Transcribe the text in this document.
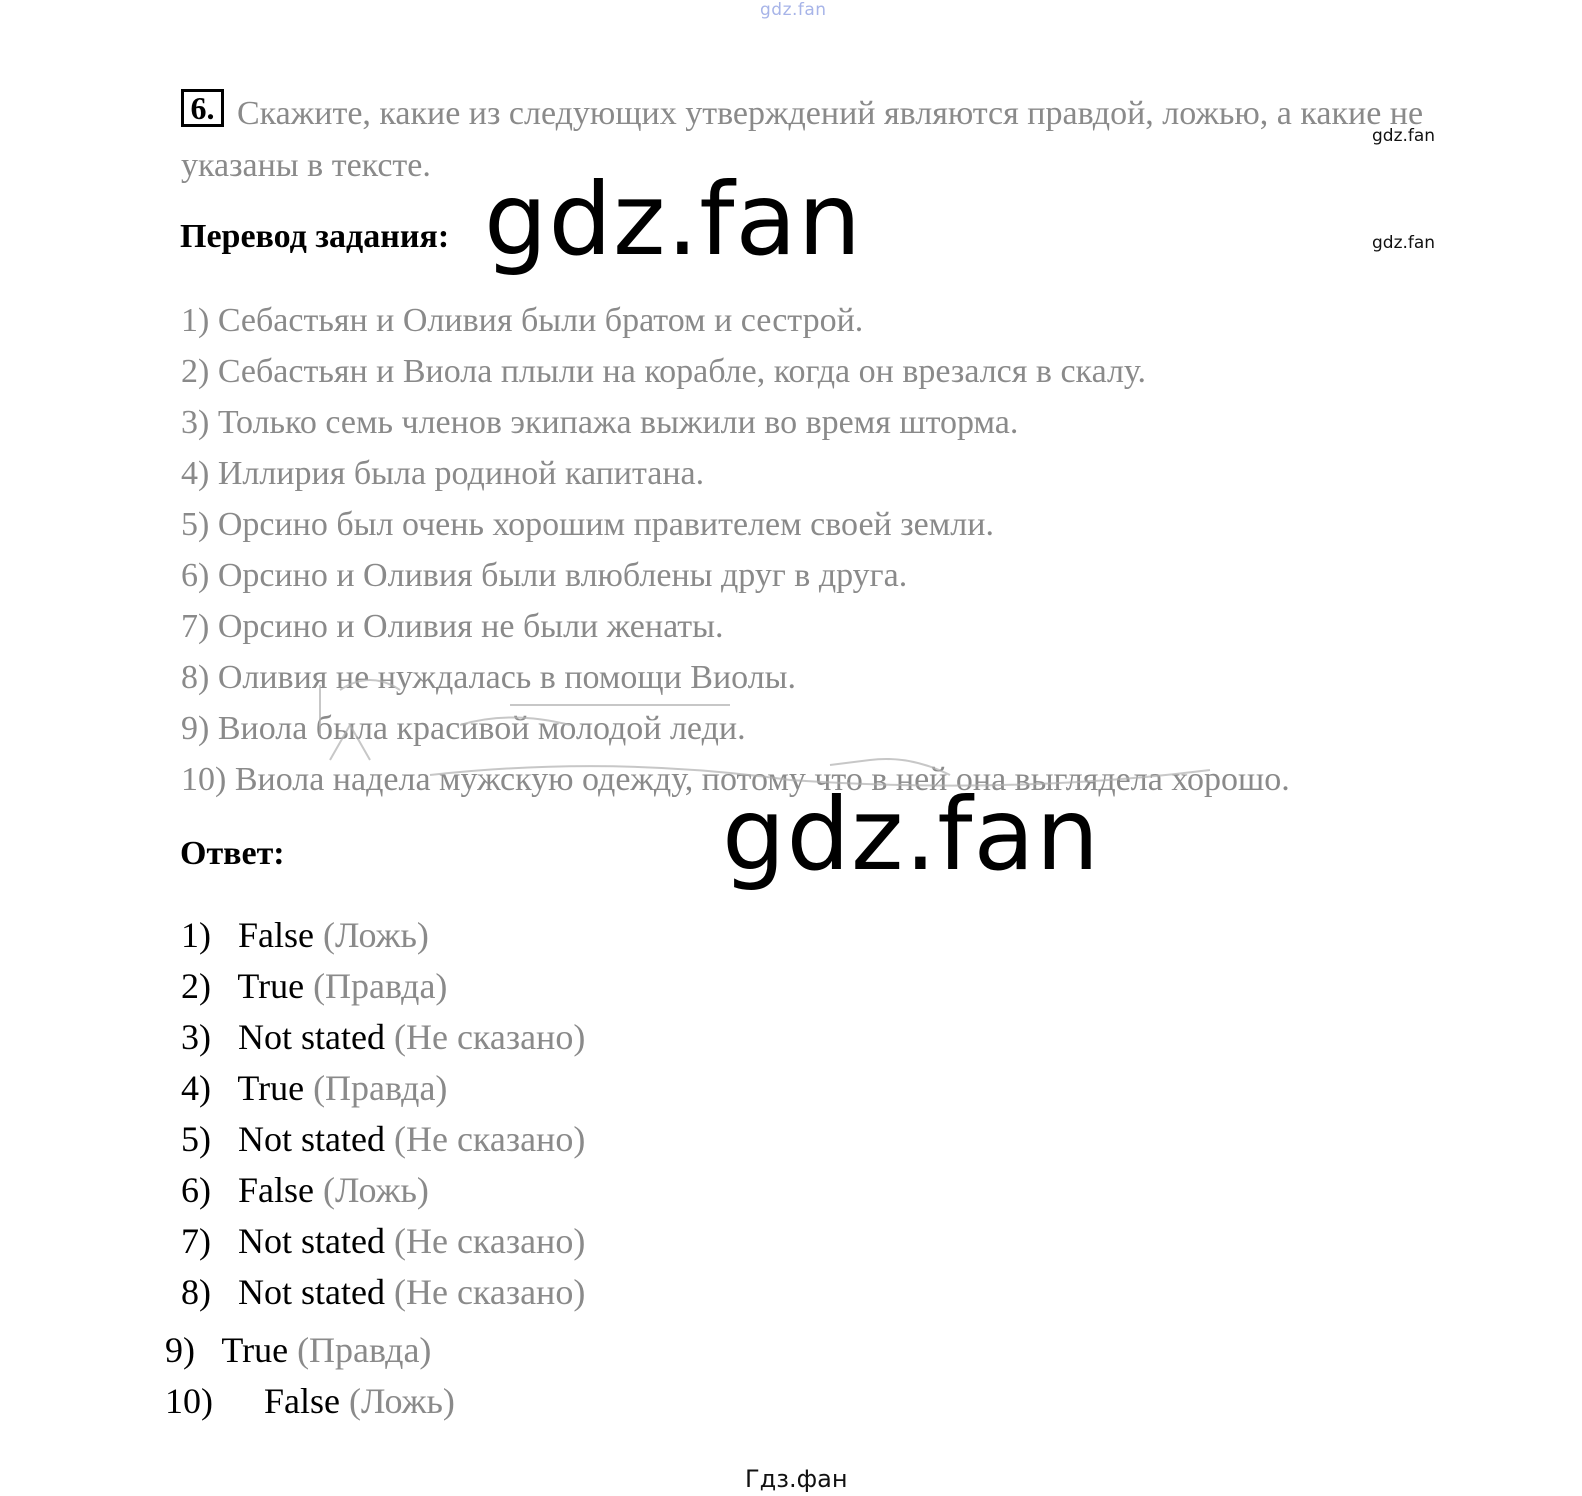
gdz.fan
gdz.fan
gdz.fan
6. Скажите, какие из следующих утверждений являются правдой, ложью, а какие не указаны в тексте.

Перевод задания: gdz.fan
1) Себастьян и Оливия были братом и сестрой.
2) Себастьян и Виола плыли на корабле, когда он врезался в скалу.
3) Только семь членов экипажа выжили во время шторма.
4) Иллирия была родиной капитана.
5) Орсино был очень хорошим правителем своей земли.
6) Орсино и Оливия были влюблены друг в друга.
7) Орсино и Оливия не были женаты.
8) Оливия не нуждалась в помощи Виолы.
9) Виола была красивой молодой леди.
10) Виола надела мужскую одежду, потому что в ней она выглядела хорошо.
Ответ:	gdz.fan
1) False (Ложь)
2) True (Правда)
3) Not stated (Не сказано)
4) True (Правда)
5) Not stated (Не сказано)
6) False (Ложь)
7) Not stated (Не сказано)
8) Not stated (Не сказано)
9) True (Правда)
10) False (Ложь)
Гдз.фан
